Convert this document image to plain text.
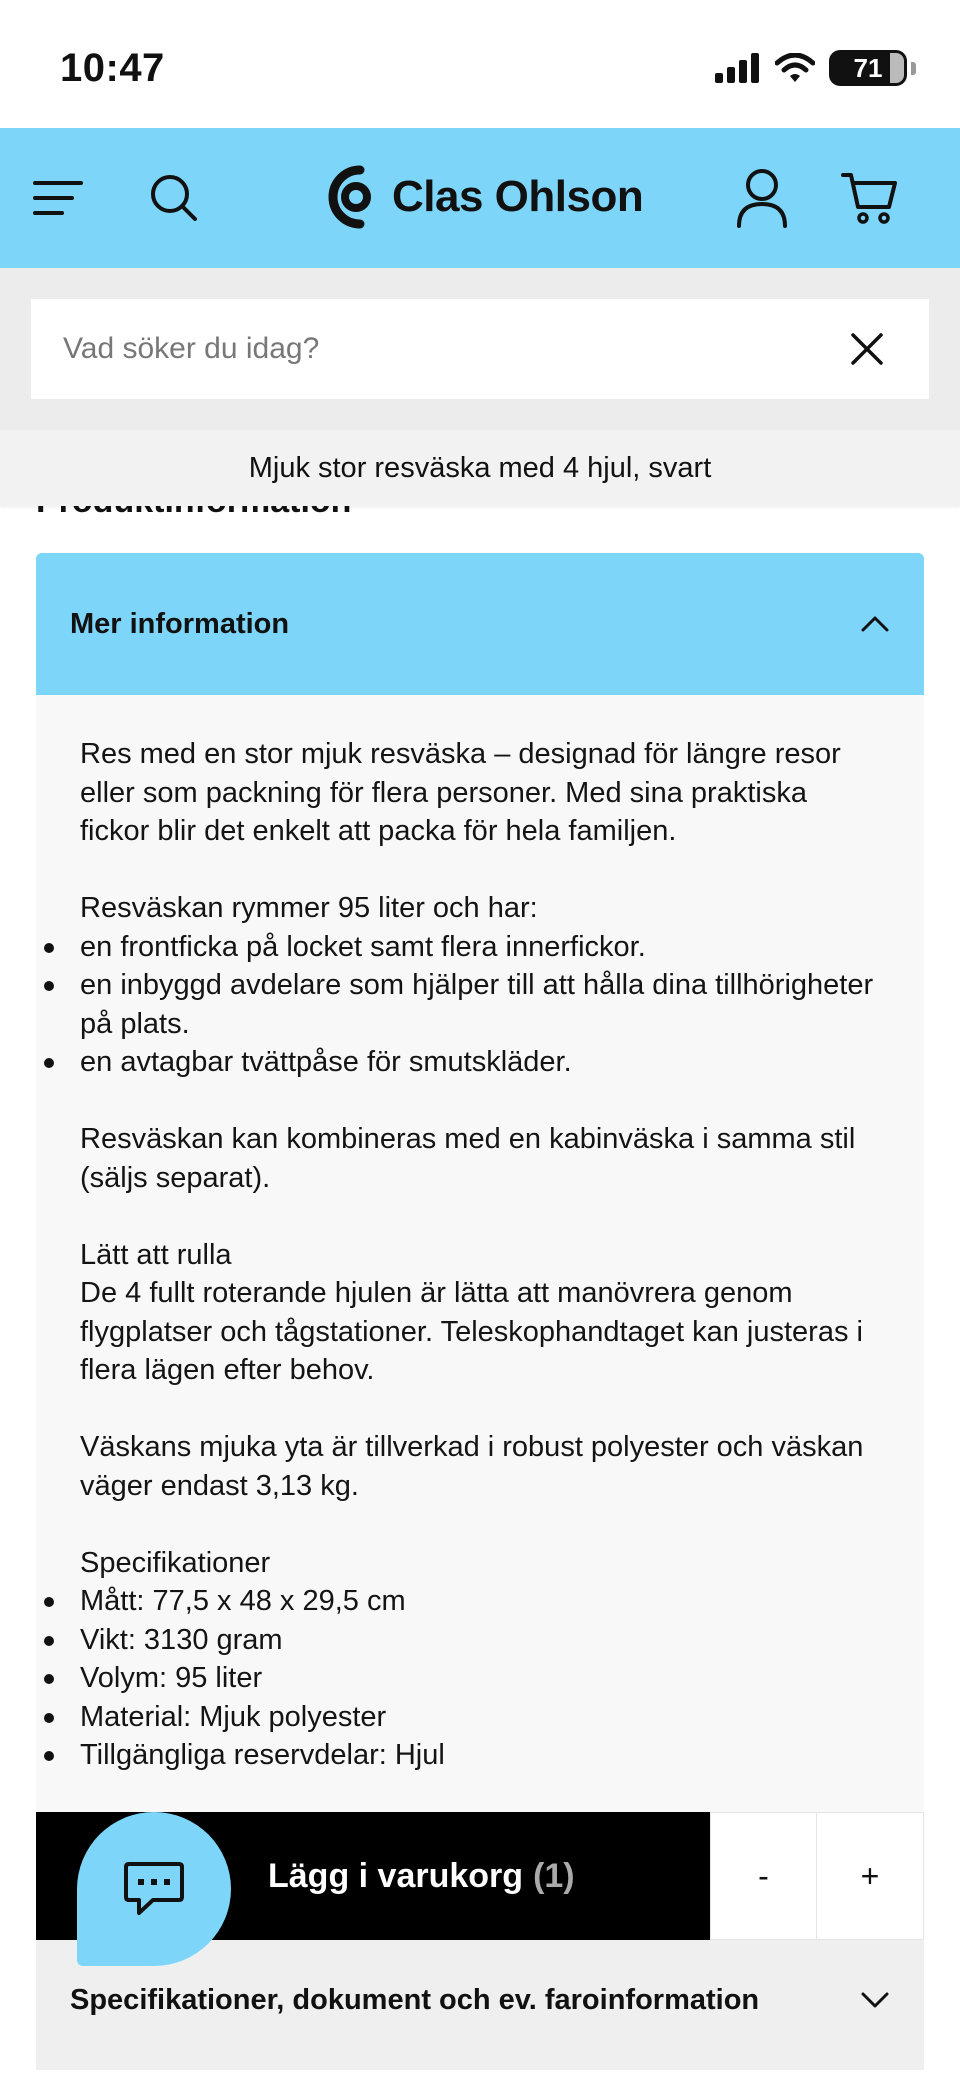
10:47	71
Clas Ohlson
Vad söker du idag?
Mjuk stor resväska med 4 hjul, svart
Mer information

Res med en stor mjuk resväska – designad för längre resor eller som packning för flera personer. Med sina praktiska fickor blir det enkelt att packa för hela familjen.

Resväskan rymmer 95 liter och har:

en frontficka på locket samt flera innerfickor.
en inbyggd avdelare som hjälper till att hålla dina tillhörigheter på plats.
en avtagbar tvättpåse för smutskläder.

Resväskan kan kombineras med en kabinväska i samma stil (säljs separat).

Lätt att rulla

De 4 fullt roterande hjulen är lätta att manövrera genom flygplatser och tågstationer. Teleskophandtaget kan justeras i flera lägen efter behov.

Väskans mjuka yta är tillverkad i robust polyester och väskan väger endast 3,13 kg.

Specifikationer

Mått: 77,5 x 48 x 29,5 cm
Vikt: 3130 gram
Volym: 95 liter
Material: Mjuk polyester
Tillgängliga reservdelar: Hjul
Specifikationer, dokument och ev. faroinformation
Lägg i varukorg (1)	-	+
